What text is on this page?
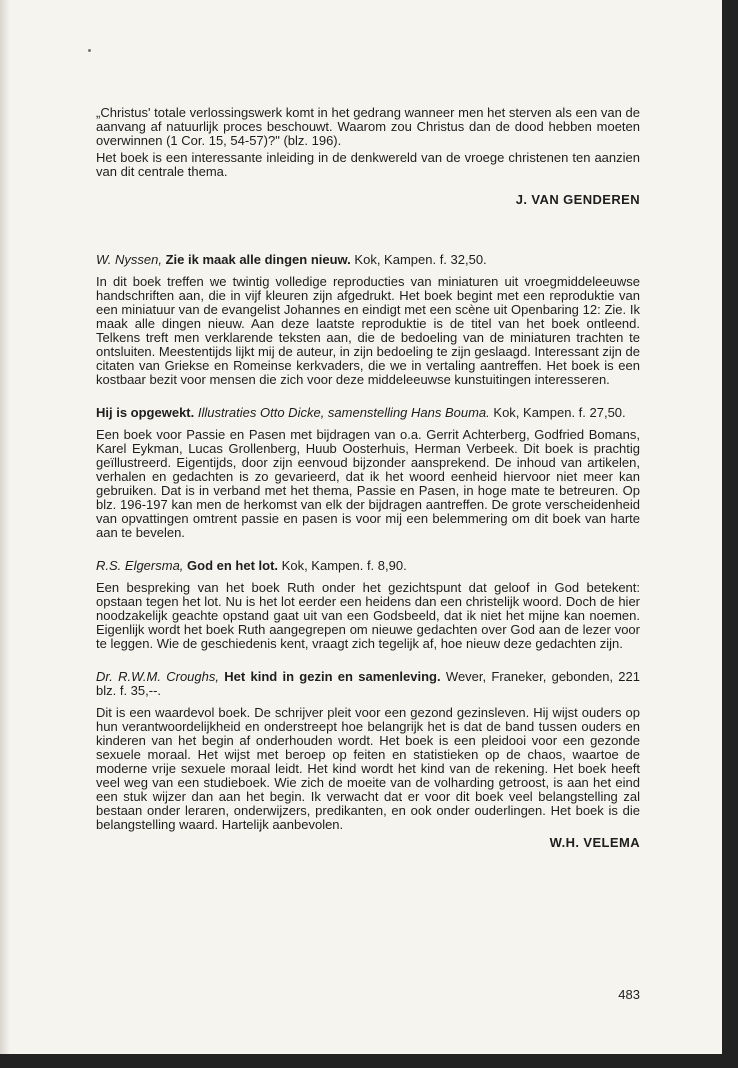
„Christus' totale verlossingswerk komt in het gedrang wanneer men het sterven als een van de aanvang af natuurlijk proces beschouwt. Waarom zou Christus dan de dood hebben moeten overwinnen (1 Cor. 15, 54-57)?" (blz. 196).

Het boek is een interessante inleiding in de denkwereld van de vroege christenen ten aanzien van dit centrale thema.

J. VAN GENDEREN

W. Nyssen, Zie ik maak alle dingen nieuw. Kok, Kampen. f. 32,50.

In dit boek treffen we twintig volledige reproducties van miniaturen uit vroegmiddeleeuwse handschriften aan, die in vijf kleuren zijn afgedrukt. Het boek begint met een reproduktie van een miniatuur van de evangelist Johannes en eindigt met een scène uit Openbaring 12: Zie. Ik maak alle dingen nieuw. Aan deze laatste reproduktie is de titel van het boek ontleend. Telkens treft men verklarende teksten aan, die de bedoeling van de miniaturen trachten te ontsluiten. Meestentijds lijkt mij de auteur, in zijn bedoeling te zijn geslaagd. Interessant zijn de citaten van Griekse en Romeinse kerkvaders, die we in vertaling aantreffen. Het boek is een kostbaar bezit voor mensen die zich voor deze middeleeuwse kunstuitingen interesseren.

Hij is opgewekt. Illustraties Otto Dicke, samenstelling Hans Bouma. Kok, Kampen. f. 27,50.

Een boek voor Passie en Pasen met bijdragen van o.a. Gerrit Achterberg, Godfried Bomans, Karel Eykman, Lucas Grollenberg, Huub Oosterhuis, Herman Verbeek. Dit boek is prachtig geïllustreerd. Eigentijds, door zijn eenvoud bijzonder aansprekend. De inhoud van artikelen, verhalen en gedachten is zo gevarieerd, dat ik het woord eenheid hiervoor niet meer kan gebruiken. Dat is in verband met het thema, Passie en Pasen, in hoge mate te betreuren. Op blz. 196-197 kan men de herkomst van elk der bijdragen aantreffen. De grote verscheidenheid van opvattingen omtrent passie en pasen is voor mij een belemmering om dit boek van harte aan te bevelen.

R.S. Elgersma, God en het lot. Kok, Kampen. f. 8,90.

Een bespreking van het boek Ruth onder het gezichtspunt dat geloof in God betekent: opstaan tegen het lot. Nu is het lot eerder een heidens dan een christelijk woord. Doch de hier noodzakelijk geachte opstand gaat uit van een Godsbeeld, dat ik niet het mijne kan noemen. Eigenlijk wordt het boek Ruth aangegrepen om nieuwe gedachten over God aan de lezer voor te leggen. Wie de geschiedenis kent, vraagt zich tegelijk af, hoe nieuw deze gedachten zijn.

Dr. R.W.M. Croughs, Het kind in gezin en samenleving. Wever, Franeker, gebonden, 221 blz. f. 35,--.

Dit is een waardevol boek. De schrijver pleit voor een gezond gezinsleven. Hij wijst ouders op hun verantwoordelijkheid en onderstreept hoe belangrijk het is dat de band tussen ouders en kinderen van het begin af onderhouden wordt. Het boek is een pleidooi voor een gezonde sexuele moraal. Het wijst met beroep op feiten en statistieken op de chaos, waartoe de moderne vrije sexuele moraal leidt. Het kind wordt het kind van de rekening. Het boek heeft veel weg van een studieboek. Wie zich de moeite van de volharding getroost, is aan het eind een stuk wijzer dan aan het begin. Ik verwacht dat er voor dit boek veel belangstelling zal bestaan onder leraren, onderwijzers, predikanten, en ook onder ouderlingen. Het boek is die belangstelling waard. Hartelijk aanbevolen.

W.H. VELEMA

483
